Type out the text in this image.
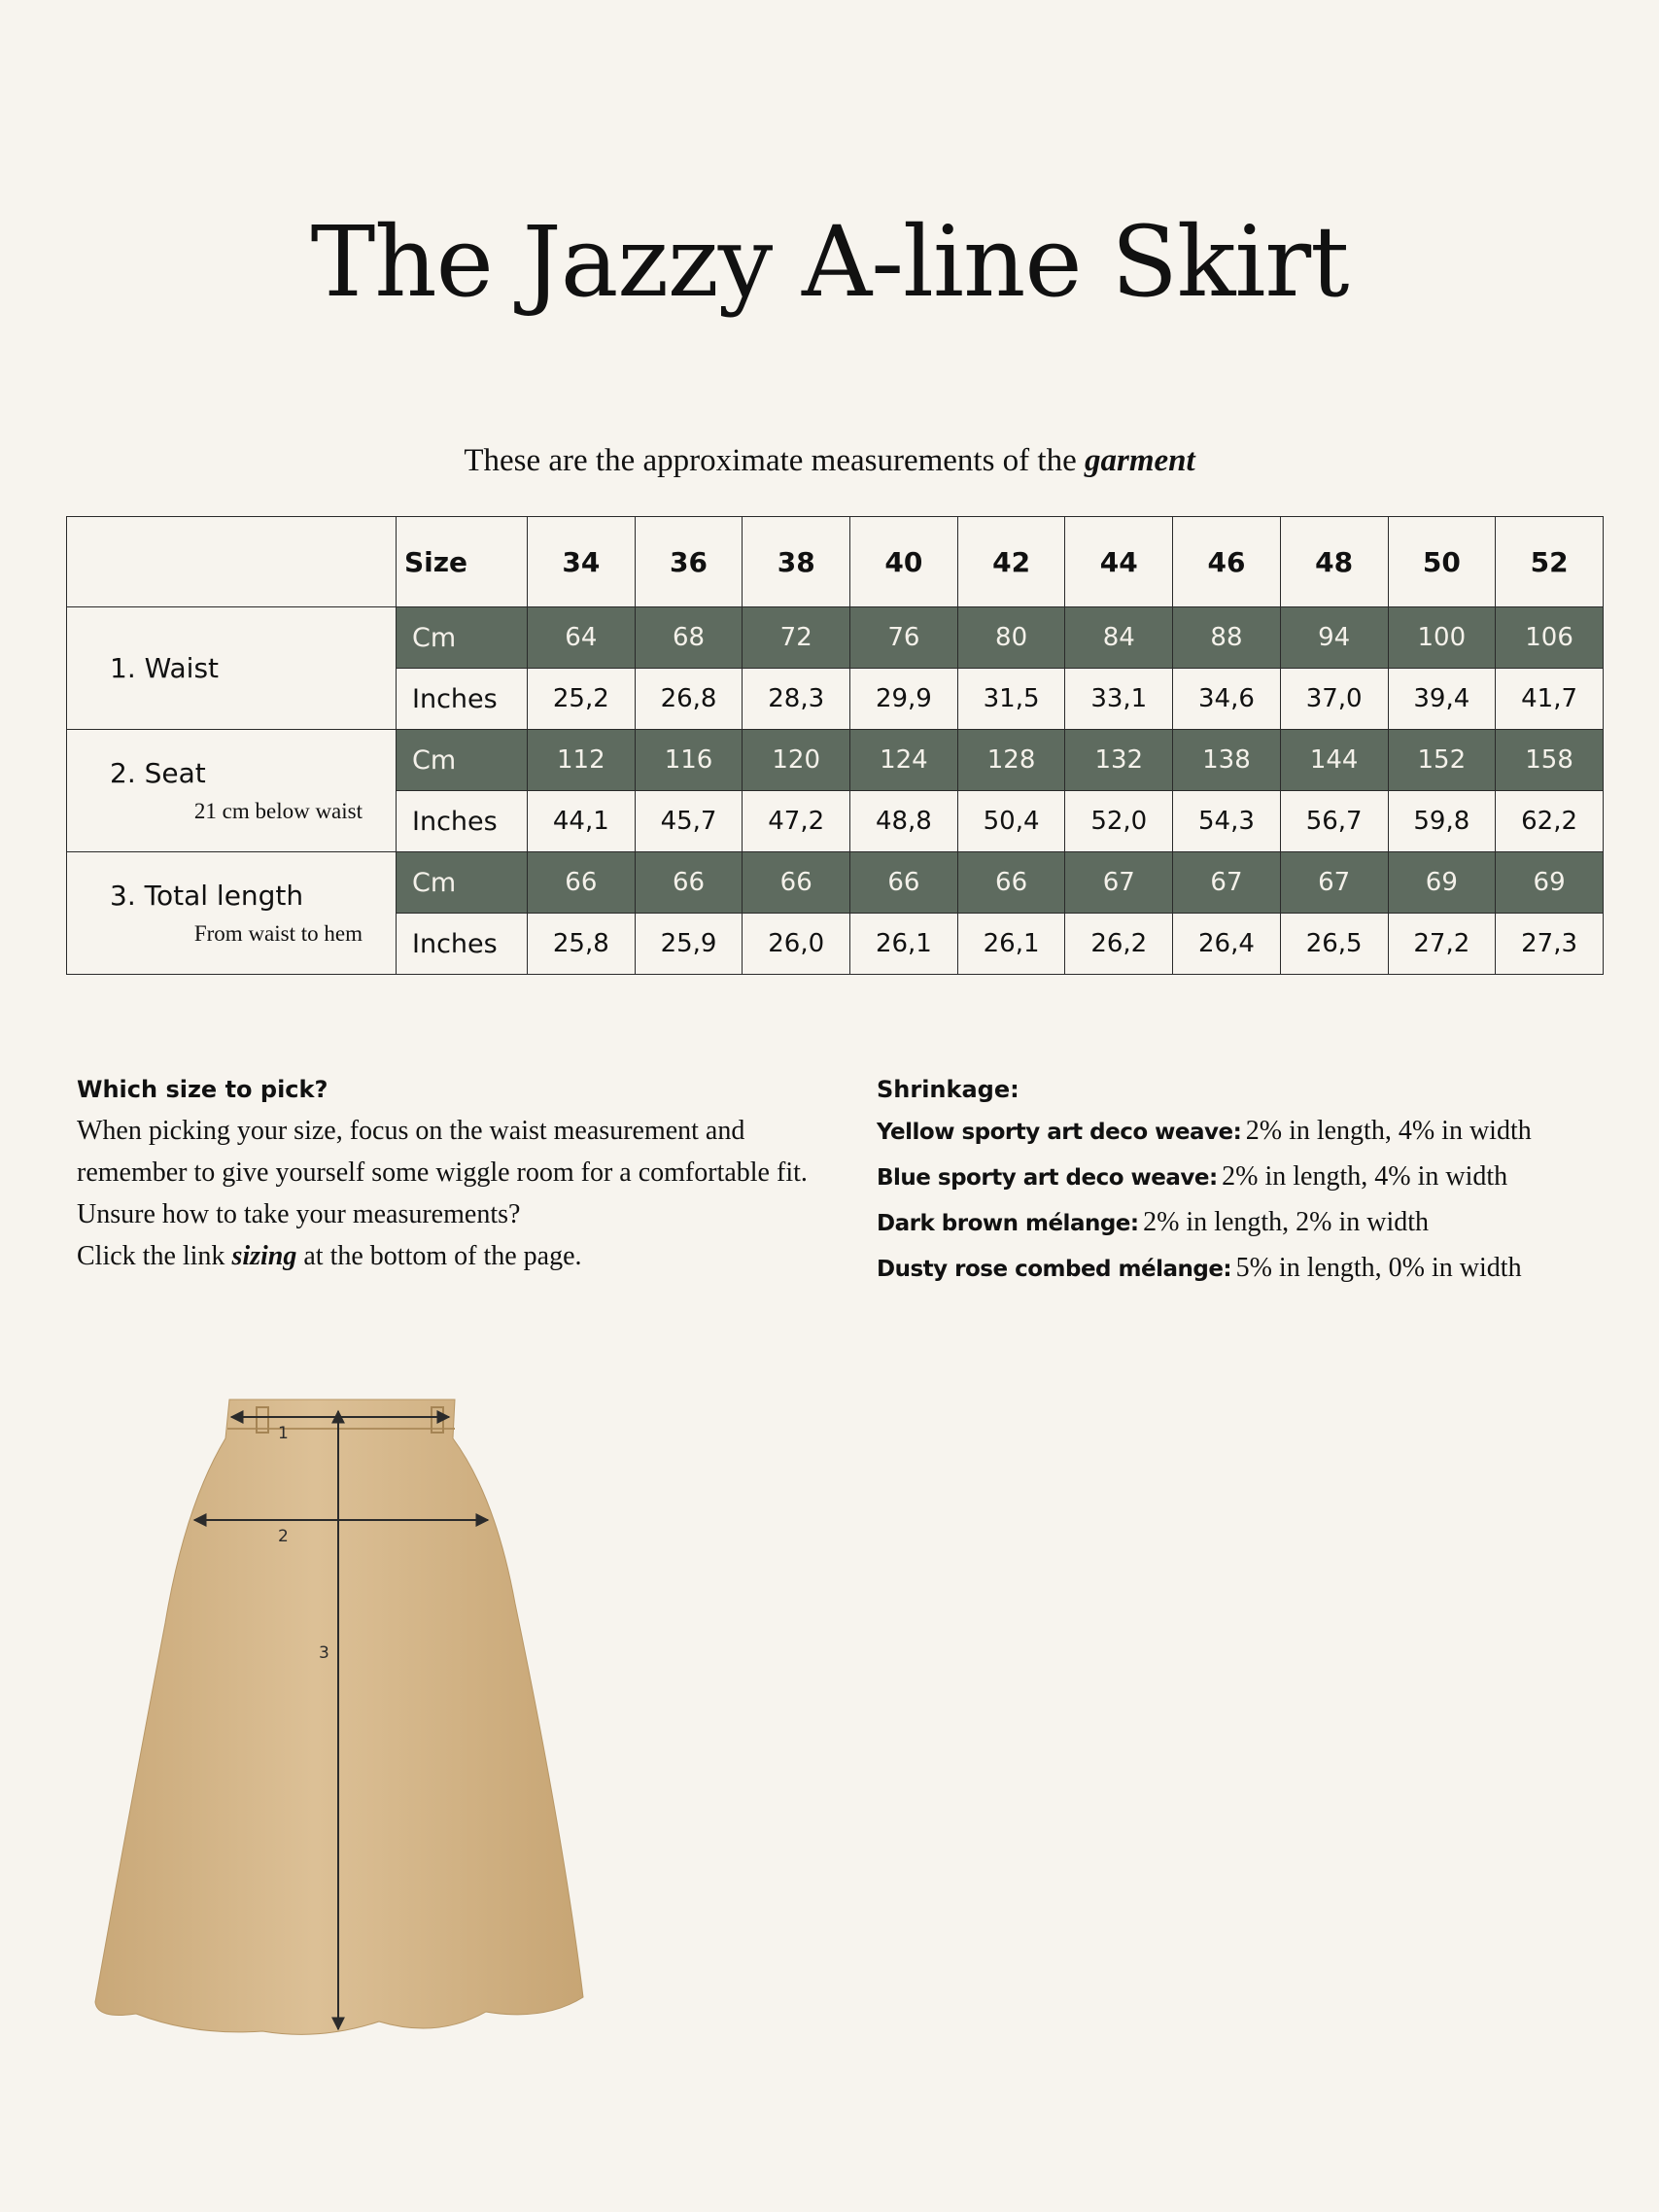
The Jazzy A-line Skirt
These are the approximate measurements of the garment
	Size	34	36	38	40	42	44	46	48	50	52

1. Waist	Cm	64	68	72	76	80	84	88	94	100	106
	Inches	25,2	26,8	28,3	29,9	31,5	33,1	34,6	37,0	39,4	41,7

2. Seat
21 cm below waist	Cm	112	116	120	124	128	132	138	144	152	158
	Inches	44,1	45,7	47,2	48,8	50,4	52,0	54,3	56,7	59,8	62,2

3. Total length
From waist to hem	Cm	66	66	66	66	66	67	67	67	69	69
	Inches	25,8	25,9	26,0	26,1	26,1	26,2	26,4	26,5	27,2	27,3
Which size to pick?
When picking your size, focus on the waist measurement and remember to give yourself some wiggle room for a comfortable fit.
Unsure how to take your measurements?
Click the link sizing at the bottom of the page.
Shrinkage:
Yellow sporty art deco weave: 2% in length, 4% in width
Blue sporty art deco weave: 2% in length, 4% in width
Dark brown mélange: 2% in length, 2% in width
Dusty rose combed mélange: 5% in length, 0% in width
1
2
3
